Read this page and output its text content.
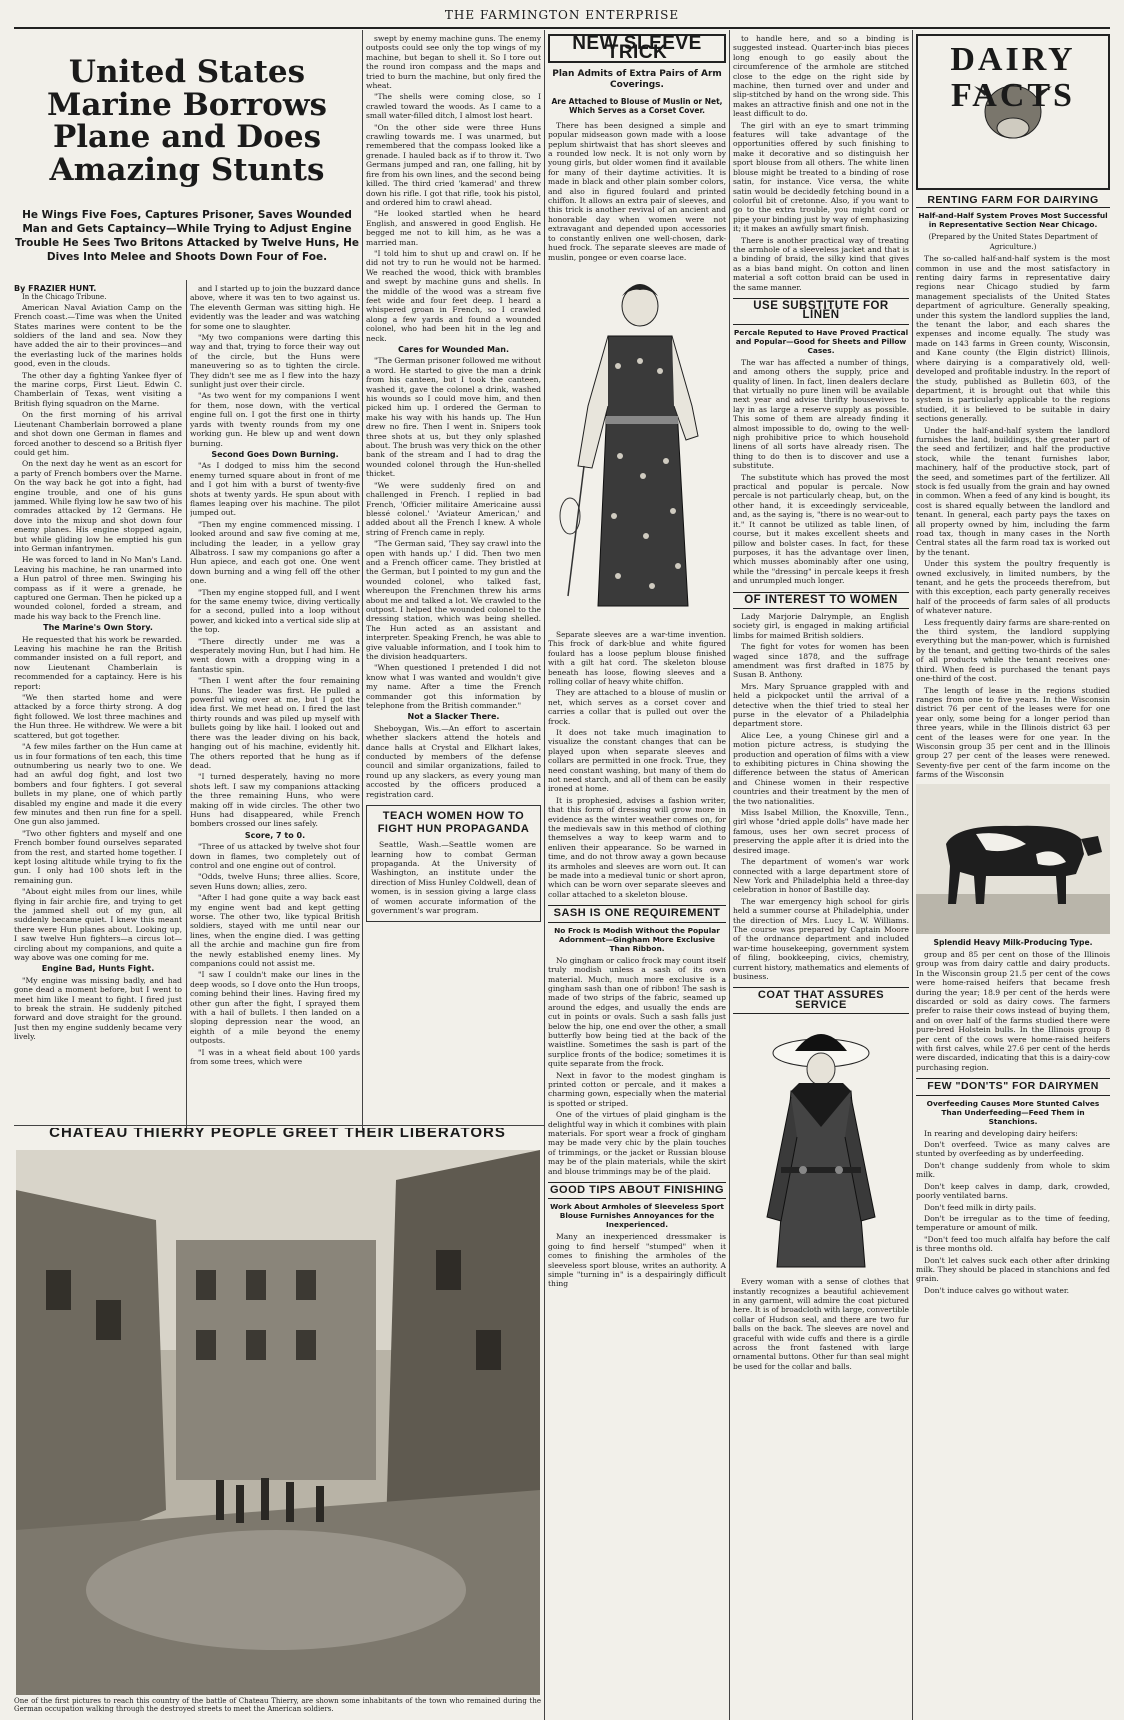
THE FARMINGTON ENTERPRISE
United States Marine Borrows Plane and Does Amazing Stunts
He Wings Five Foes, Captures Prisoner, Saves Wounded Man and Gets Captaincy—While Trying to Adjust Engine Trouble He Sees Two Britons Attacked by Twelve Huns, He Dives Into Melee and Shoots Down Four of Foe.
By FRAZIER HUNT.
In the Chicago Tribune.

American Naval Aviation Camp on the French coast.—Time was when the United States marines were content to be the soldiers of the land and sea. Now they have added the air to their provinces—and the everlasting luck of the marines holds good, even in the clouds.

The other day a fighting Yankee flyer of the marine corps, First Lieut. Edwin C. Chamberlain of Texas, went visiting a British flying squadron on the Marne.

On the first morning of his arrival Lieutenant Chamberlain borrowed a plane and shot down one German in flames and forced another to descend so a British flyer could get him.

On the next day he went as an escort for a party of French bombers over the Marne. On the way back he got into a fight, had engine trouble, and one of his guns jammed. While flying low he saw two of his comrades attacked by 12 Germans. He dove into the mixup and shot down four enemy planes. His engine stopped again, but while gliding low he emptied his gun into German infantrymen.

He was forced to land in No Man's Land. Leaving his machine, he ran unarmed into a Hun patrol of three men. Swinging his compass as if it were a grenade, he captured one German. Then he picked up a wounded colonel, forded a stream, and made his way back to the French line.

The Marine's Own Story.

He requested that his work be rewarded. Leaving his machine he ran the British commander insisted on a full report, and now Lieutenant Chamberlain is recommended for a captaincy. Here is his report:

"We then started home and were attacked by a force thirty strong. A dog fight followed. We lost three machines and the Hun three. He withdrew. We were a bit scattered, but got together.

"A few miles farther on the Hun came at us in four formations of ten each, this time outnumbering us nearly two to one. We had an awful dog fight, and lost two bombers and four fighters. I got several bullets in my plane, one of which partly disabled my engine and made it die every few minutes and then run fine for a spell. One gun also jammed.

"Two other fighters and myself and one French bomber found ourselves separated from the rest, and started home together. I kept losing altitude while trying to fix the gun. I only had 100 shots left in the remaining gun.

"About eight miles from our lines, while flying in fair archie fire, and trying to get the jammed shell out of my gun, all suddenly became quiet. I knew this meant there were Hun planes about. Looking up, I saw twelve Hun fighters—a circus lot—circling about my companions, and quite a way above was one coming for me.

Engine Bad, Hunts Fight.

"My engine was missing badly, and had gone dead a moment before, but I went to meet him like I meant to fight. I fired just to break the strain. He suddenly pitched forward and dove straight for the ground. Just then my engine suddenly became very lively.

and I started up to join the buzzard dance above, where it was ten to two against us. The eleventh German was sitting high. He evidently was the leader and was watching for some one to slaughter.

"My two companions were darting this way and that, trying to force their way out of the circle, but the Huns were maneuvering so as to tighten the circle. They didn't see me as I flew into the hazy sunlight just over their circle.

"As two went for my companions I went for them, nose down, with the vertical engine full on. I got the first one in thirty yards with twenty rounds from my one working gun. He blew up and went down burning.

Second Goes Down Burning.

"As I dodged to miss him the second enemy turned square about in front of me and I got him with a burst of twenty-five shots at twenty yards. He spun about with flames leaping over his machine. The pilot jumped out.

"Then my engine commenced missing. I looked around and saw five coming at me, including the leader, in a yellow gray Albatross. I saw my companions go after a Hun apiece, and each got one. One went down burning and a wing fell off the other one.

"Then my engine stopped full, and I went for the same enemy twice, diving vertically for a second, pulled into a loop without power, and kicked into a vertical side slip at the top.

"There directly under me was a desperately moving Hun, but I had him. He went down with a dropping wing in a fantastic spin.

"Then I went after the four remaining Huns. The leader was first. He pulled a powerful wing over at me, but I got the idea first. We met head on. I fired the last thirty rounds and was piled up myself with bullets going by like hail. I looked out and there was the leader diving on his back, hanging out of his machine, evidently hit. The others reported that he hung as if dead.

"I turned desperately, having no more shots left. I saw my companions attacking the three remaining Huns, who were making off in wide circles. The other two Huns had disappeared, while French bombers crossed our lines safely.

Score, 7 to 0.

"Three of us attacked by twelve shot four down in flames, two completely out of control and one engine out of control.

"Odds, twelve Huns; three allies. Score, seven Huns down; allies, zero.

"After I had gone quite a way back east my engine went bad and kept getting worse. The other two, like typical British soldiers, stayed with me until near our lines, when the engine died. I was getting all the archie and machine gun fire from the newly established enemy lines. My companions could not assist me.

"I saw I couldn't make our lines in the deep woods, so I dove onto the Hun troops, coming behind their lines. Having fired my other gun after the fight, I sprayed them with a hail of bullets. I then landed on a sloping depression near the wood, an eighth of a mile beyond the enemy outposts.

"I was in a wheat field about 100 yards from some trees, which were

swept by enemy machine guns. The enemy outposts could see only the top wings of my machine, but began to shell it. So I tore out the round iron compass and the maps and tried to burn the machine, but only fired the wheat.

"The shells were coming close, so I crawled toward the woods. As I came to a small water-filled ditch, I almost lost heart.

"On the other side were three Huns crawling towards me. I was unarmed, but remembered that the compass looked like a grenade. I hauled back as if to throw it. Two Germans jumped and ran, one falling, hit by fire from his own lines, and the second being killed. The third cried 'kamerad' and threw down his rifle. I got that rifle, took his pistol, and ordered him to crawl ahead.

"He looked startled when he heard English, and answered in good English. He begged me not to kill him, as he was a married man.

"I told him to shut up and crawl on. If he did not try to run he would not be harmed. We reached the wood, thick with brambles and swept by machine guns and shells. In the middle of the wood was a stream five feet wide and four feet deep. I heard a whispered groan in French, so I crawled along a few yards and found a wounded colonel, who had been hit in the leg and neck.

Cares for Wounded Man.

"The German prisoner followed me without a word. He started to give the man a drink from his canteen, but I took the canteen, washed it, gave the colonel a drink, washed his wounds so I could move him, and then picked him up. I ordered the German to make his way with his hands up. The Hun drew no fire. Then I went in. Snipers took three shots at us, but they only splashed about. The brush was very thick on the other bank of the stream and I had to drag the wounded colonel through the Hun-shelled thicket.

"We were suddenly fired on and challenged in French. I replied in bad French, 'Officier militaire Americaine aussi blessé colonel.' 'Aviateur American,' and added about all the French I knew. A whole string of French came in reply.

"The German said, 'They say crawl into the open with hands up.' I did. Then two men and a French officer came. They bristled at the German, but I pointed to my gun and the wounded colonel, who talked fast, whereupon the Frenchmen threw his arms about me and talked a lot. We crawled to the outpost. I helped the wounded colonel to the dressing station, which was being shelled. The Hun acted as an assistant and interpreter. Speaking French, he was able to give valuable information, and I took him to the division headquarters.

"When questioned I pretended I did not know what I was wanted and wouldn't give my name. After a time the French commander got this information by telephone from the British commander."

Not a Slacker There.

Sheboygan, Wis.—An effort to ascertain whether slackers attend the hotels and dance halls at Crystal and Elkhart lakes, conducted by members of the defense council and similar organizations, failed to round up any slackers, as every young man accosted by the officers produced a registration card.

TEACH WOMEN HOW TO FIGHT HUN PROPAGANDA

Seattle, Wash.—Seattle women are learning how to combat German propaganda. At the University of Washington, an institute under the direction of Miss Hunley Coldwell, dean of women, is in session giving a large class of women accurate information of the government's war program.

CHATEAU THIERRY PEOPLE GREET THEIR LIBERATORS
One of the first pictures to reach this country of the battle of Chateau Thierry, are shown some inhabitants of the town who remained during the German occupation walking through the destroyed streets to meet the American soldiers.
NEW SLEEVE TRICK
Plan Admits of Extra Pairs of Arm Coverings.
Are Attached to Blouse of Muslin or Net, Which Serves as a Corset Cover.

There has been designed a simple and popular midseason gown made with a loose peplum shirtwaist that has short sleeves and a rounded low neck. It is not only worn by young girls, but older women find it available for many of their daytime activities. It is made in black and other plain somber colors, and also in figured foulard and printed chiffon. It allows an extra pair of sleeves, and this trick is another revival of an ancient and honorable day when women were not extravagant and depended upon accessories to constantly enliven one well-chosen, dark-hued frock. The separate sleeves are made of muslin, pongee or even coarse lace.

Separate sleeves are a war-time invention. This frock of dark-blue and white figured foulard has a loose peplum blouse finished with a gilt hat cord. The skeleton blouse beneath has loose, flowing sleeves and a rolling collar of heavy white chiffon.

They are attached to a blouse of muslin or net, which serves as a corset cover and carries a collar that is pulled out over the frock.

It does not take much imagination to visualize the constant changes that can be played upon when separate sleeves and collars are permitted in one frock. True, they need constant washing, but many of them do not need starch, and all of them can be easily ironed at home.

It is prophesied, advises a fashion writer, that this form of dressing will grow more in evidence as the winter weather comes on, for the medievals saw in this method of clothing themselves a way to keep warm and to enliven their appearance. So be warned in time, and do not throw away a gown because its armholes and sleeves are worn out. It can be made into a medieval tunic or short apron, which can be worn over separate sleeves and collar attached to a skeleton blouse.

SASH IS ONE REQUIREMENT
No Frock Is Modish Without the Popular Adornment—Gingham More Exclusive Than Ribbon.

No gingham or calico frock may count itself truly modish unless a sash of its own material. Much, much more exclusive is a gingham sash than one of ribbon! The sash is made of two strips of the fabric, seamed up around the edges, and usually the ends are cut in points or ovals. Such a sash falls just below the hip, one end over the other, a small butterfly bow being tied at the back of the waistline. Sometimes the sash is part of the surplice fronts of the bodice; sometimes it is quite separate from the frock.

Next in favor to the modest gingham is printed cotton or percale, and it makes a charming gown, especially when the material is spotted or striped.

One of the virtues of plaid gingham is the delightful way in which it combines with plain materials. For sport wear a frock of gingham may be made very chic by the plain touches of trimmings, or the jacket or Russian blouse may be of the plain materials, while the skirt and blouse trimmings may be of the plaid.

GOOD TIPS ABOUT FINISHING
Work About Armholes of Sleeveless Sport Blouse Furnishes Annoyances for the Inexperienced.

Many an inexperienced dressmaker is going to find herself "stumped" when it comes to finishing the armholes of the sleeveless sport blouse, writes an authority. A simple "turning in" is a despairingly difficult thing

to handle here, and so a binding is suggested instead. Quarter-inch bias pieces long enough to go easily about the circumference of the armhole are stitched close to the edge on the right side by machine, then turned over and under and slip-stitched by hand on the wrong side. This makes an attractive finish and one not in the least difficult to do.

The girl with an eye to smart trimming features will take advantage of the opportunities offered by such finishing to make it decorative and so distinguish her sport blouse from all others. The white linen blouse might be treated to a binding of rose satin, for instance. Vice versa, the white satin would be decidedly fetching bound in a colorful bit of cretonne. Also, if you want to go to the extra trouble, you might cord or pipe your binding just by way of emphasizing it; it makes an awfully smart finish.

There is another practical way of treating the armhole of a sleeveless jacket and that is a binding of braid, the silky kind that gives as a bias band might. On cotton and linen material a soft cotton braid can be used in the same manner.

USE SUBSTITUTE FOR LINEN
Percale Reputed to Have Proved Practical and Popular—Good for Sheets and Pillow Cases.

The war has affected a number of things, and among others the supply, price and quality of linen. In fact, linen dealers declare that virtually no pure linen will be available next year and advise thrifty housewives to lay in as large a reserve supply as possible. This some of them are already finding it almost impossible to do, owing to the well-nigh prohibitive price to which household linens of all sorts have already risen. The thing to do then is to discover and use a substitute.

The substitute which has proved the most practical and popular is percale. Now percale is not particularly cheap, but, on the other hand, it is exceedingly serviceable, and, as the saying is, "there is no wear-out to it." It cannot be utilized as table linen, of course, but it makes excellent sheets and pillow and bolster cases. In fact, for these purposes, it has the advantage over linen, which musses abominably after one using, while the "dressing" in percale keeps it fresh and unrumpled much longer.

OF INTEREST TO WOMEN

Lady Marjorie Dalrymple, an English society girl, is engaged in making artificial limbs for maimed British soldiers.

The fight for votes for women has been waged since 1878, and the suffrage amendment was first drafted in 1875 by Susan B. Anthony.

Mrs. Mary Spruance grappled with and held a pickpocket until the arrival of a detective when the thief tried to steal her purse in the elevator of a Philadelphia department store.

Alice Lee, a young Chinese girl and a motion picture actress, is studying the production and operation of films with a view to exhibiting pictures in China showing the difference between the status of American and Chinese women in their respective countries and their treatment by the men of the two nationalities.

Miss Isabel Million, the Knoxville, Tenn., girl whose "dried apple dolls" have made her famous, uses her own secret process of preserving the apple after it is dried into the desired image.

The department of women's war work connected with a large department store of New York and Philadelphia held a three-day celebration in honor of Bastille day.

The war emergency high school for girls held a summer course at Philadelphia, under the direction of Mrs. Lucy L. W. Williams. The course was prepared by Captain Moore of the ordnance department and included war-time housekeeping, government system of filing, bookkeeping, civics, chemistry, current history, mathematics and elements of business.

COAT THAT ASSURES SERVICE

Every woman with a sense of clothes that instantly recognizes a beautiful achievement in any garment, will admire the coat pictured here. It is of broadcloth with large, convertible collar of Hudson seal, and there are two fur balls on the back. The sleeves are novel and graceful with wide cuffs and there is a girdle across the front fastened with large ornamental buttons. Other fur than seal might be used for the collar and balls.

DAIRY FACTS
RENTING FARM FOR DAIRYING
Half-and-Half System Proves Most Successful in Representative Section Near Chicago.
(Prepared by the United States Department of Agriculture.)

The so-called half-and-half system is the most common in use and the most satisfactory in renting dairy farms in representative dairy regions near Chicago studied by farm management specialists of the United States department of agriculture. Generally speaking, under this system the landlord supplies the land, the tenant the labor, and each shares the expenses and income equally. The study was made on 143 farms in Green county, Wisconsin, and Kane county (the Elgin district) Illinois, where dairying is a comparatively old, well-developed and profitable industry. In the report of the study, published as Bulletin 603, of the department, it is brought out that while this system is particularly applicable to the regions studied, it is believed to be suitable in dairy sections generally.

Under the half-and-half system the landlord furnishes the land, buildings, the greater part of the seed and fertilizer, and half the productive stock, while the tenant furnishes labor, machinery, half of the productive stock, part of the seed, and sometimes part of the fertilizer. All stock is fed usually from the grain and hay owned in common. When a feed of any kind is bought, its cost is shared equally between the landlord and tenant. In general, each party pays the taxes on all property owned by him, including the farm road tax, though in many cases in the North Central states all the farm road tax is worked out by the tenant.

Under this system the poultry frequently is owned exclusively, in limited numbers, by the tenant, and he gets the proceeds therefrom, but with this exception, each party generally receives half of the proceeds of farm sales of all products of whatever nature.

Less frequently dairy farms are share-rented on the third system, the landlord supplying everything but the man-power, which is furnished by the tenant, and getting two-thirds of the sales of all products while the tenant receives one-third. When feed is purchased the tenant pays one-third of the cost.

The length of lease in the regions studied ranges from one to five years. In the Wisconsin district 76 per cent of the leases were for one year only, some being for a longer period than three years, while in the Illinois district 63 per cent of the leases were for one year. In the Wisconsin group 35 per cent and in the Illinois group 27 per cent of the leases were renewed. Seventy-five per cent of the farm income on the farms of the Wisconsin

Splendid Heavy Milk-Producing Type.

group and 85 per cent on those of the Illinois group was from dairy cattle and dairy products. In the Wisconsin group 21.5 per cent of the cows were home-raised heifers that became fresh during the year; 18.9 per cent of the herds were discarded or sold as dairy cows. The farmers prefer to raise their cows instead of buying them, and on over half of the farms studied there were pure-bred Holstein bulls. In the Illinois group 8 per cent of the cows were home-raised heifers with first calves, while 27.6 per cent of the herds were discarded, indicating that this is a dairy-cow purchasing region.

FEW "DON'TS" FOR DAIRYMEN
Overfeeding Causes More Stunted Calves Than Underfeeding—Feed Them in Stanchions.

In rearing and developing dairy heifers:

Don't overfeed. Twice as many calves are stunted by overfeeding as by underfeeding.

Don't change suddenly from whole to skim milk.

Don't keep calves in damp, dark, crowded, poorly ventilated barns.

Don't feed milk in dirty pails.

Don't be irregular as to the time of feeding, temperature or amount of milk.

"Don't feed too much alfalfa hay before the calf is three months old.

Don't let calves suck each other after drinking milk. They should be placed in stanchions and fed grain.

Don't induce calves go without water.
